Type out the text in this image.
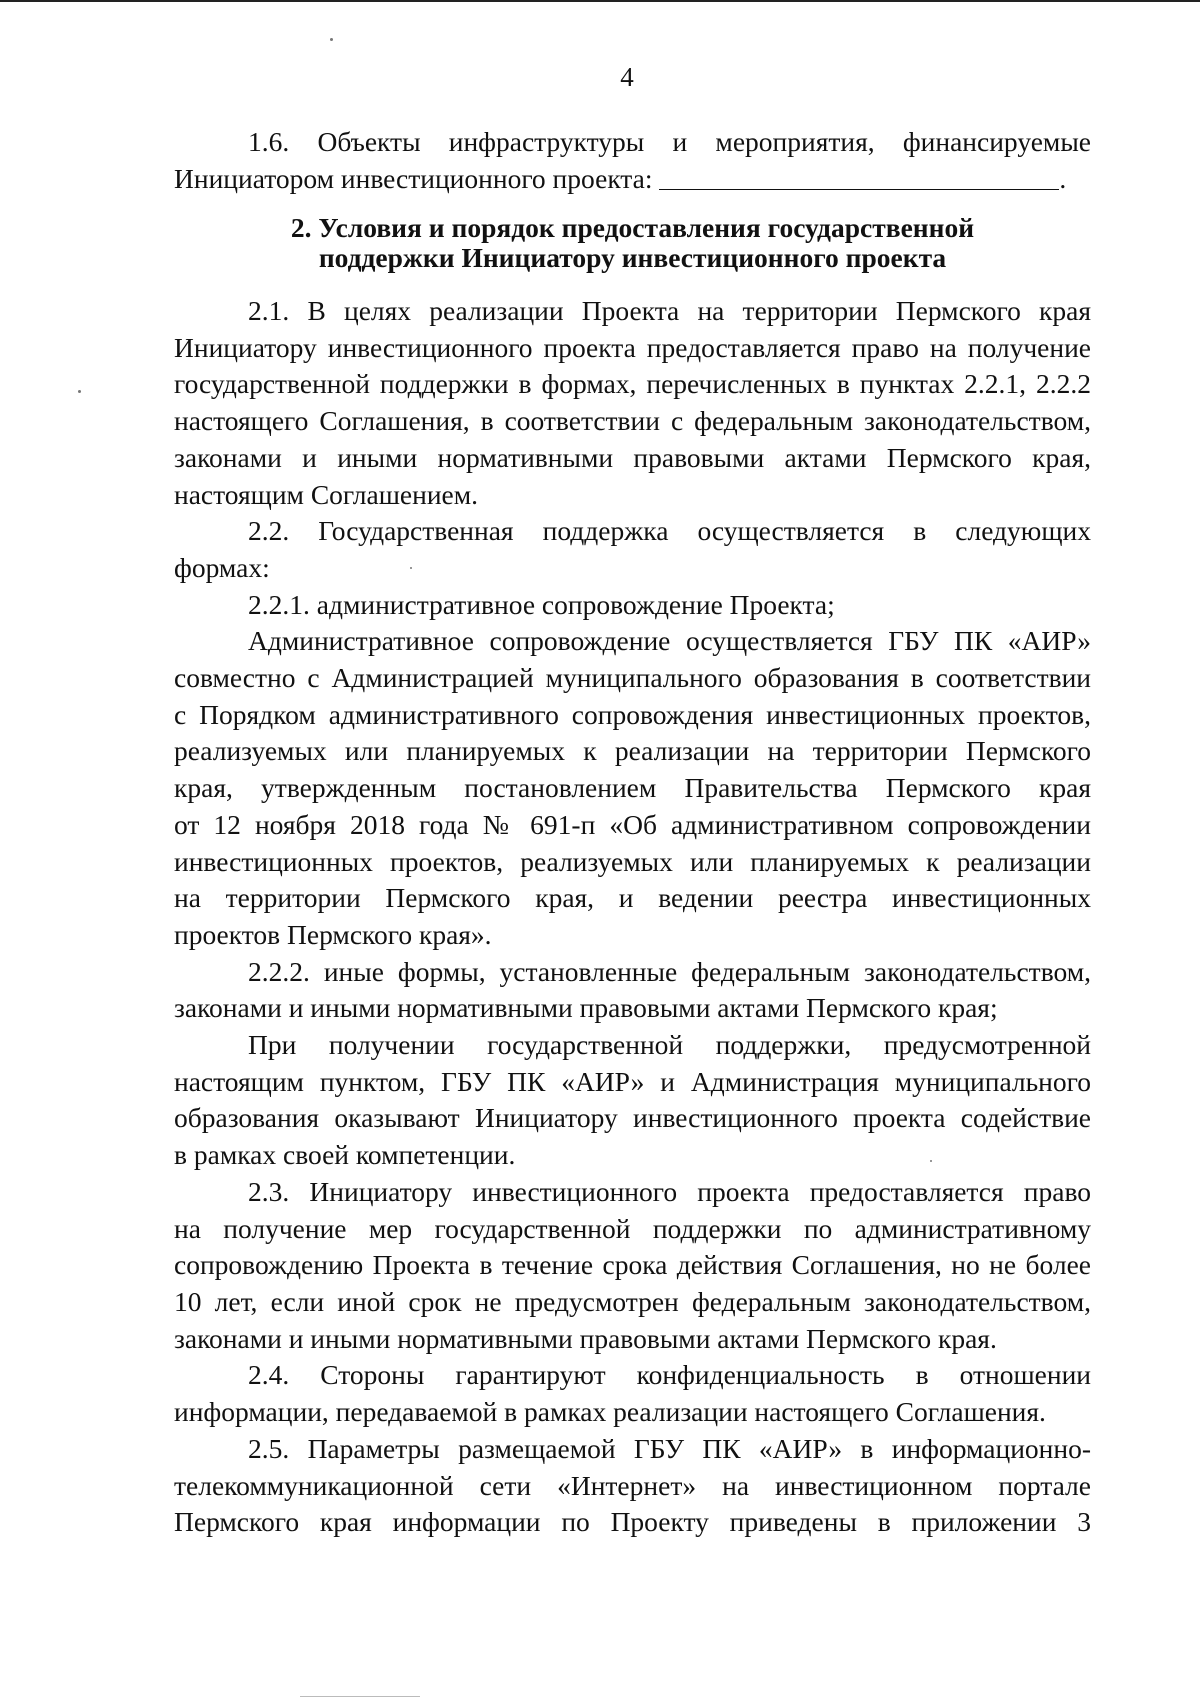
4

1.6. Объекты инфраструктуры и мероприятия, финансируемые

Инициатором инвестиционного проекта:	.

2. Условия и порядок предоставления государственной
поддержки Инициатору инвестиционного проекта

2.1. В целях реализации Проекта на территории Пермского края

Инициатору инвестиционного проекта предоставляется право на получение

государственной поддержки в формах, перечисленных в пунктах 2.2.1, 2.2.2

настоящего Соглашения, в соответствии с федеральным законодательством,

законами и иными нормативными правовыми актами Пермского края,

настоящим Соглашением.

2.2. Государственная поддержка осуществляется в следующих

формах:

2.2.1. административное сопровождение Проекта;

Административное сопровождение осуществляется ГБУ ПК «АИР»

совместно с Администрацией муниципального образования в соответствии

с Порядком административного сопровождения инвестиционных проектов,

реализуемых или планируемых к реализации на территории Пермского

края, утвержденным постановлением Правительства Пермского края

от 12 ноября 2018 года № 691-п «Об административном сопровождении

инвестиционных проектов, реализуемых или планируемых к реализации

на территории Пермского края, и ведении реестра инвестиционных

проектов Пермского края».

2.2.2. иные формы, установленные федеральным законодательством,

законами и иными нормативными правовыми актами Пермского края;

При получении государственной поддержки, предусмотренной

настоящим пунктом, ГБУ ПК «АИР» и Администрация муниципального

образования оказывают Инициатору инвестиционного проекта содействие

в рамках своей компетенции.

2.3. Инициатору инвестиционного проекта предоставляется право

на получение мер государственной поддержки по административному

сопровождению Проекта в течение срока действия Соглашения, но не более

10 лет, если иной срок не предусмотрен федеральным законодательством,

законами и иными нормативными правовыми актами Пермского края.

2.4. Стороны гарантируют конфиденциальность в отношении

информации, передаваемой в рамках реализации настоящего Соглашения.

2.5. Параметры размещаемой ГБУ ПК «АИР» в информационно-

телекоммуникационной сети «Интернет» на инвестиционном портале

Пермского края информации по Проекту приведены в приложении 3
